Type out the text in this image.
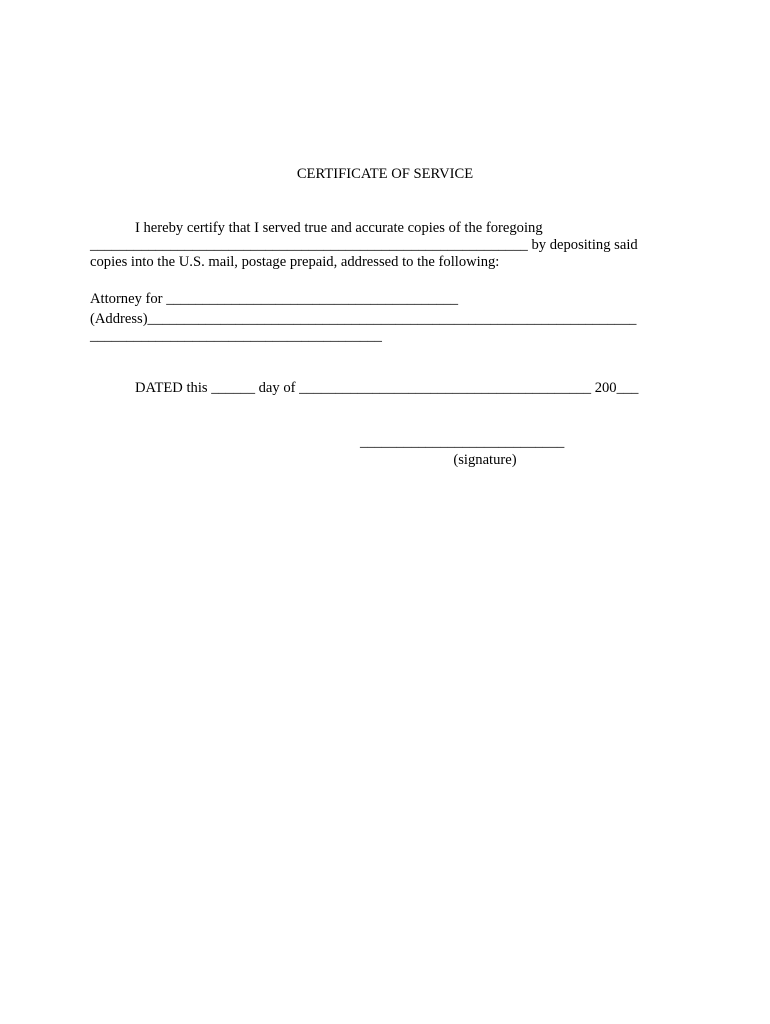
CERTIFICATE OF SERVICE

I hereby certify that I served true and accurate copies of the foregoing

____________________________________________________________ by depositing said

copies into the U.S. mail, postage prepaid, addressed to the following:

Attorney for ________________________________________

(Address)___________________________________________________________________

________________________________________

DATED this ______ day of ________________________________________ 200___

____________________________

(signature)
